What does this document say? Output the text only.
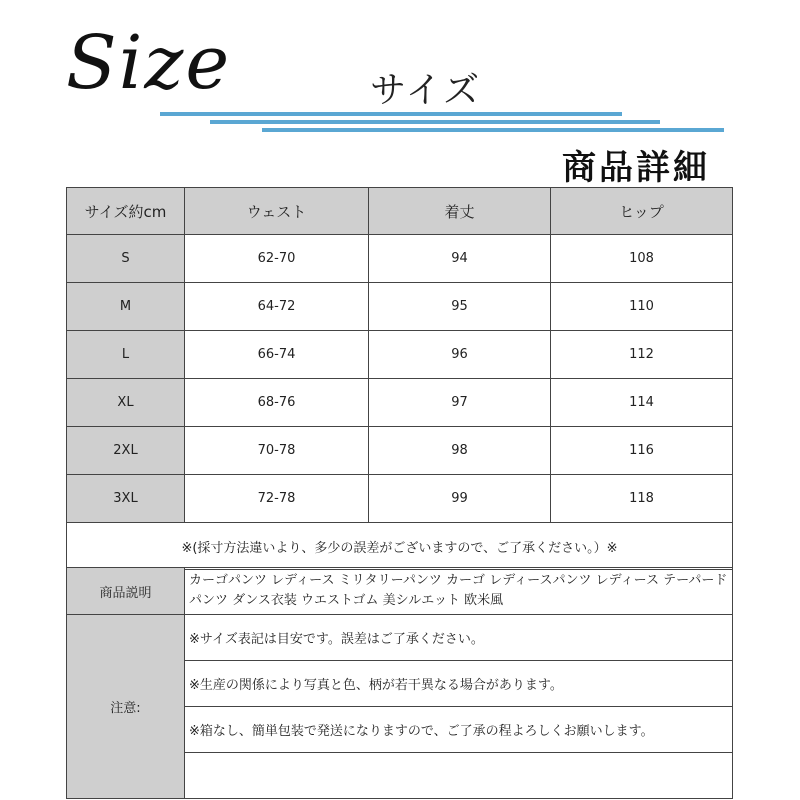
Size	サイズ
商品詳細
サイズ約cm	ウェスト	着丈	ヒップ
S	62-70	94	108
M	64-72	95	110
L	66-74	96	112
XL	68-76	97	114
2XL	70-78	98	116
3XL	72-78	99	118
※(採寸方法違いより、多少の誤差がございますので、ご了承ください。）※			
商品説明	カーゴパンツ レディース ミリタリーパンツ カーゴ レディースパンツ レディース テーパードパンツ ダンス衣装 ウエストゴム 美シルエット 欧米風
注意:	※サイズ表記は目安です。誤差はご了承ください。
	※生産の関係により写真と色、柄が若干異なる場合があります。
	※箱なし、簡単包装で発送になりますので、ご了承の程よろしくお願いします。
